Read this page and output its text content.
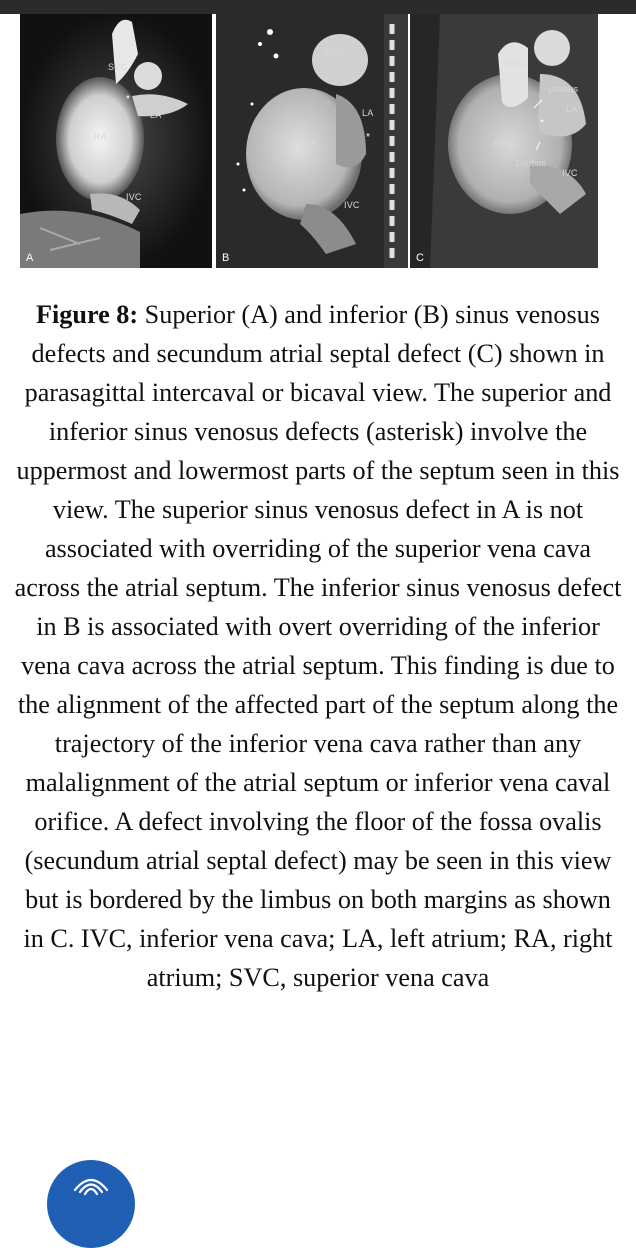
SVC
*
LA
RA
IVC
A
SVC
LA
*
RA
IVC
B
SVC
Limbus
LA
*
RA
Limbus
IVC
C
Figure 8: Superior (A) and inferior (B) sinus venosus defects and secundum atrial septal defect (C) shown in parasagittal intercaval or bicaval view. The superior and inferior sinus venosus defects (asterisk) involve the uppermost and lowermost parts of the septum seen in this view. The superior sinus venosus defect in A is not associated with overriding of the superior vena cava across the atrial septum. The inferior sinus venosus defect in B is associated with overt overriding of the inferior vena cava across the atrial septum. This finding is due to the alignment of the affected part of the septum along the trajectory of the inferior vena cava rather than any malalignment of the atrial septum or inferior vena caval orifice. A defect involving the floor of the fossa ovalis (secundum atrial septal defect) may be seen in this view but is bordered by the limbus on both margins as shown in C. IVC, inferior vena cava; LA, left atrium; RA, right atrium; SVC, superior vena cava
